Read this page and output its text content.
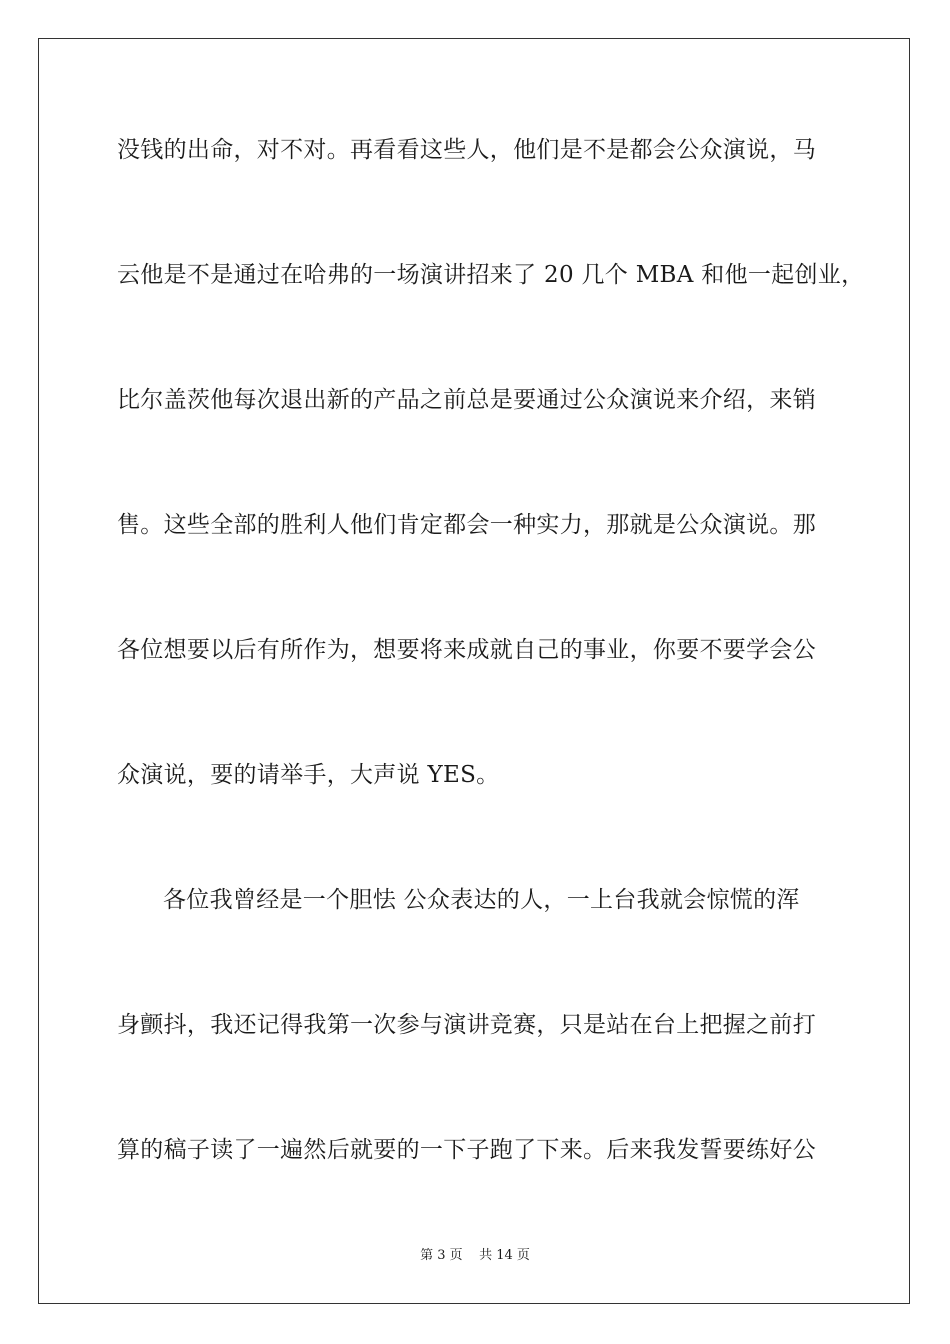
没钱的出命，对不对。再看看这些人，他们是不是都会公众演说，马
云他是不是通过在哈弗的一场演讲招来了 20 几个 MBA 和他一起创业，
比尔盖茨他每次退出新的产品之前总是要通过公众演说来介绍，来销
售。这些全部的胜利人他们肯定都会一种实力，那就是公众演说。那
各位想要以后有所作为，想要将来成就自己的事业，你要不要学会公
众演说，要的请举手，大声说 YES。
各位我曾经是一个胆怯 公众表达的人，一上台我就会惊慌的浑
身颤抖，我还记得我第一次参与演讲竞赛，只是站在台上把握之前打
算的稿子读了一遍然后就要的一下子跑了下来。后来我发誓要练好公
第 3 页    共 14 页
